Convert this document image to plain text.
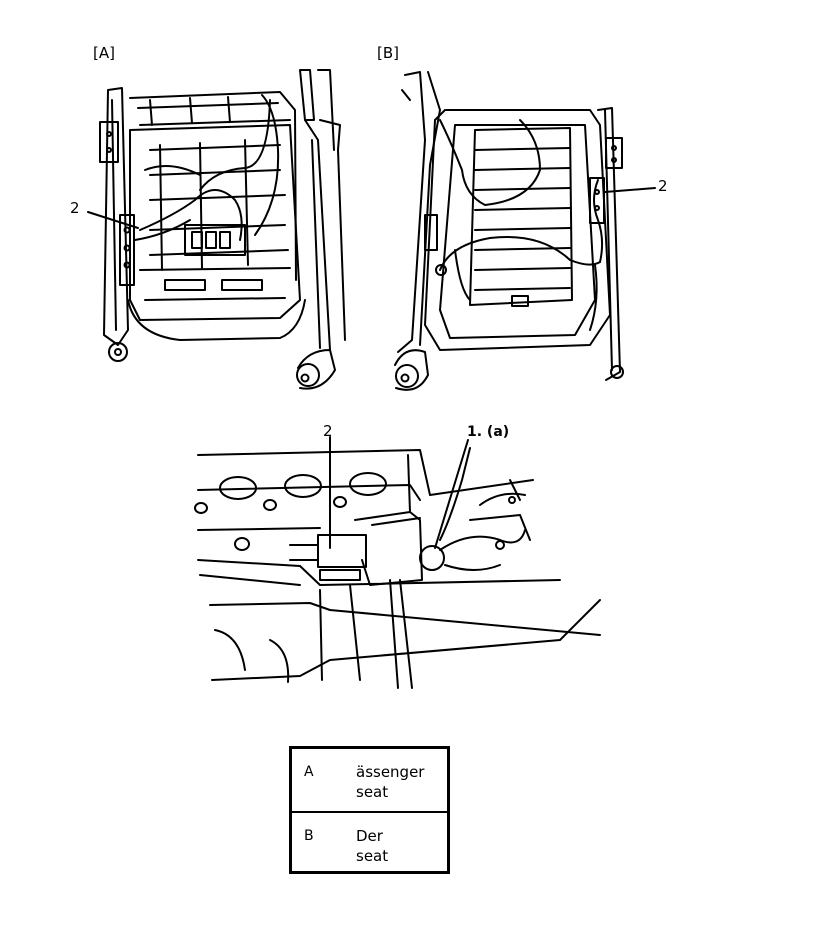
[A]	[B]
2
2
2	1. (a)
A	ässenger
seat
B	Der
seat
